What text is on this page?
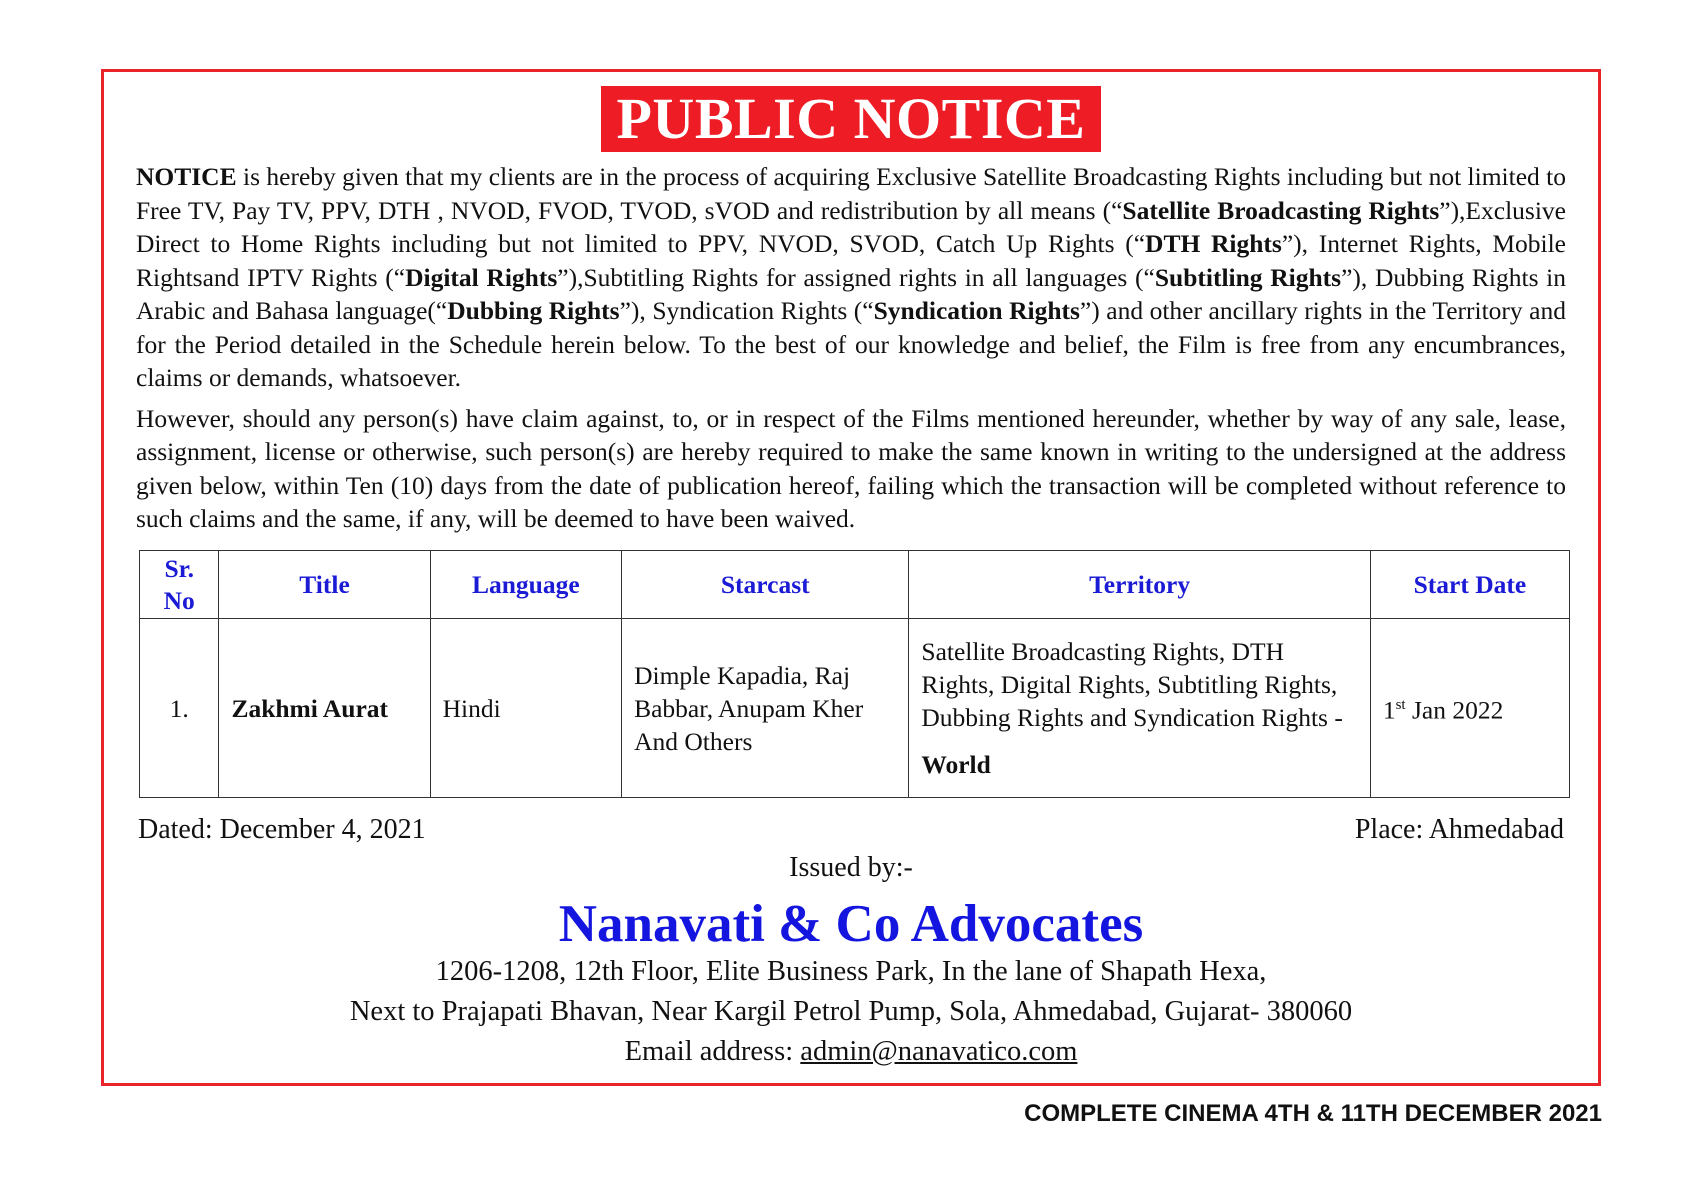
PUBLIC NOTICE

NOTICE is hereby given that my clients are in the process of acquiring Exclusive Satellite Broadcasting Rights including but not limited to Free TV, Pay TV, PPV, DTH , NVOD, FVOD, TVOD, sVOD and redistribution by all means (“Satellite Broadcasting Rights”),Exclusive Direct to Home Rights including but not limited to PPV, NVOD, SVOD, Catch Up Rights (“DTH Rights”), Internet Rights, Mobile Rightsand IPTV Rights (“Digital Rights”),Subtitling Rights for assigned rights in all languages (“Subtitling Rights”), Dubbing Rights in Arabic and Bahasa language(“Dubbing Rights”), Syndication Rights (“Syndication Rights”) and other ancillary rights in the Territory and for the Period detailed in the Schedule herein below. To the best of our knowledge and belief, the Film is free from any encumbrances, claims or demands, whatsoever.

However, should any person(s) have claim against, to, or in respect of the Films mentioned hereunder, whether by way of any sale, lease, assignment, license or otherwise, such person(s) are hereby required to make the same known in writing to the undersigned at the address given below, within Ten (10) days from the date of publication hereof, failing which the transaction will be completed without reference to such claims and the same, if any, will be deemed to have been waived.

Sr.
No	Title	Language	Starcast	Territory	Start Date
1.	Zakhmi Aurat	Hindi	Dimple Kapadia, Raj Babbar, Anupam Kher And Others	Satellite Broadcasting Rights, DTH Rights, Digital Rights, Subtitling Rights, Dubbing Rights and Syndication Rights -
World	1st Jan 2022
Dated: December 4, 2021	Place: Ahmedabad
Issued by:-
Nanavati & Co Advocates
1206-1208, 12th Floor, Elite Business Park, In the lane of Shapath Hexa,
Next to Prajapati Bhavan, Near Kargil Petrol Pump, Sola, Ahmedabad, Gujarat- 380060
Email address: admin@nanavatico.com
COMPLETE CINEMA 4TH & 11TH DECEMBER 2021
